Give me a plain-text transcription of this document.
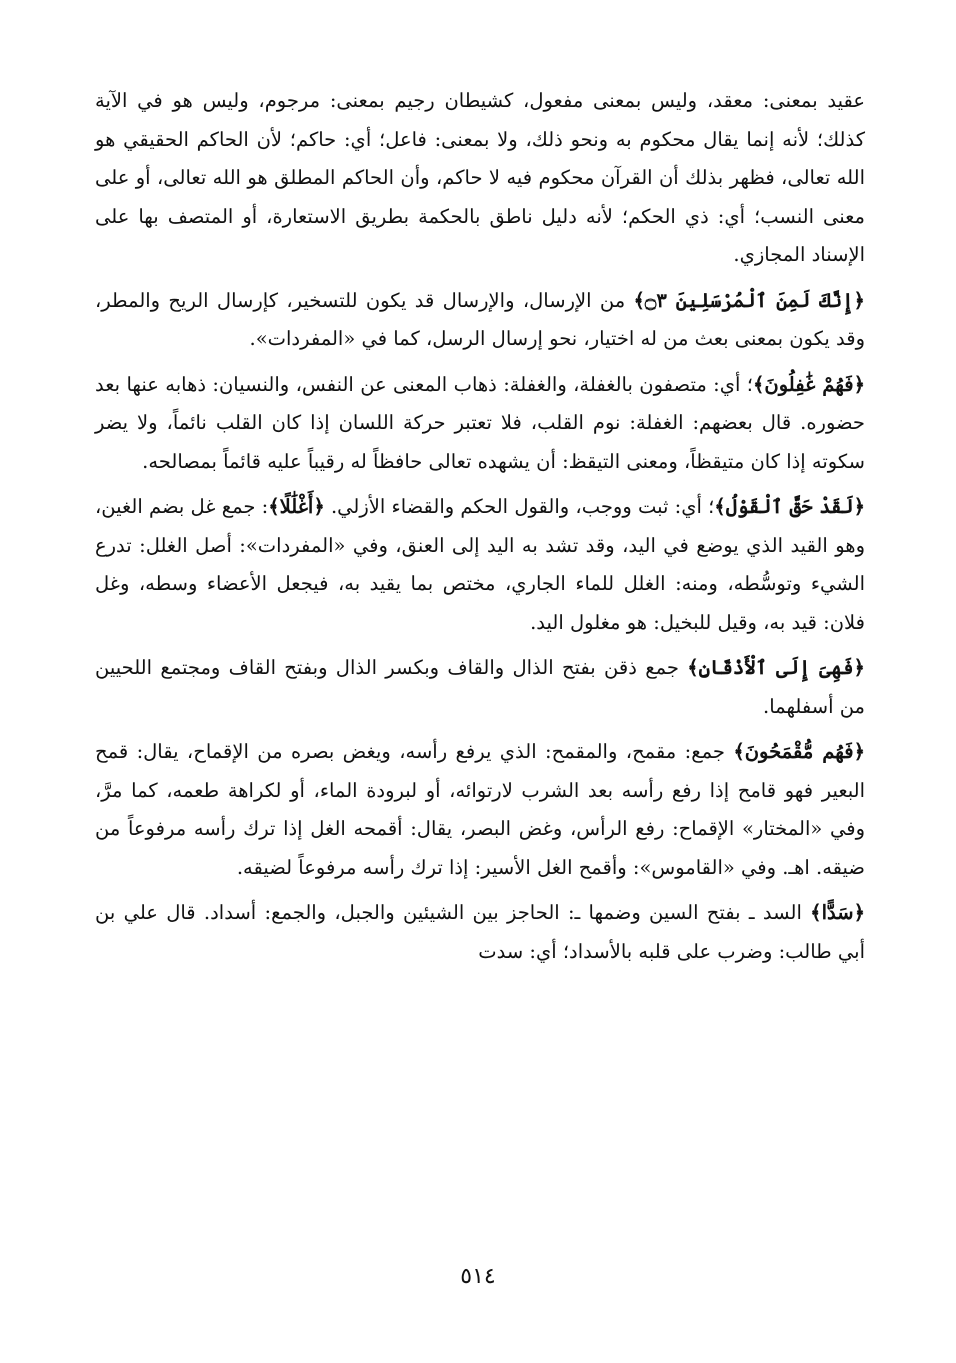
عقيد بمعنى: معقد، وليس بمعنى مفعول، كشيطان رجيم بمعنى: مرجوم، وليس هو في الآية كذلك؛ لأنه إنما يقال محكوم به ونحو ذلك، ولا بمعنى: فاعل؛ أي: حاكم؛ لأن الحاكم الحقيقي هو الله تعالى، فظهر بذلك أن القرآن محكوم فيه لا حاكم، وأن الحاكم المطلق هو الله تعالى، أو على معنى النسب؛ أي: ذي الحكم؛ لأنه دليل ناطق بالحكمة بطريق الاستعارة، أو المتصف بها على الإسناد المجازي.

﴿إِنَّكَ لَمِنَ ٱلْمُرْسَلِينَ ۝٣﴾ من الإرسال، والإرسال قد يكون للتسخير، كإرسال الريح والمطر، وقد يكون بمعنى بعث من له اختيار، نحو إرسال الرسل، كما في «المفردات».

﴿فَهُمْ غَٰفِلُونَ﴾؛ أي: متصفون بالغفلة، والغفلة: ذهاب المعنى عن النفس، والنسيان: ذهابه عنها بعد حضوره. قال بعضهم: الغفلة: نوم القلب، فلا تعتبر حركة اللسان إذا كان القلب نائماً، ولا يضر سكوته إذا كان متيقظاً، ومعنى التيقظ: أن يشهده تعالى حافظاً له رقيباً عليه قائماً بمصالحه.

﴿لَقَدْ حَقَّ ٱلْقَوْلُ﴾؛ أي: ثبت ووجب، والقول الحكم والقضاء الأزلي. ﴿أَغْلَٰلًا﴾: جمع غل بضم الغين، وهو القيد الذي يوضع في اليد، وقد تشد به اليد إلى العنق، وفي «المفردات»: أصل الغلل: تدرع الشيء وتوسُّطه، ومنه: الغلل للماء الجاري، مختص بما يقيد به، فيجعل الأعضاء وسطه، وغل فلان: قيد به، وقيل للبخيل: هو مغلول اليد.

﴿فَهِىَ إِلَى ٱلْأَذْقَانِ﴾ جمع ذقن بفتح الذال والقاف وبكسر الذال وبفتح القاف ومجتمع اللحيين من أسفلهما.

﴿فَهُم مُّقْمَحُونَ﴾ جمع: مقمح، والمقمح: الذي يرفع رأسه، ويغض بصره من الإقماح، يقال: قمح البعير فهو قامح إذا رفع رأسه بعد الشرب لارتوائه، أو لبرودة الماء، أو لكراهة طعمه، كما مرَّ، وفي «المختار» الإقماح: رفع الرأس، وغض البصر، يقال: أقمحه الغل إذا ترك رأسه مرفوعاً من ضيقه. اهـ. وفي «القاموس»: وأقمح الغل الأسير: إذا ترك رأسه مرفوعاً لضيقه.

﴿سَدًّا﴾ السد ـ بفتح السين وضمها ـ: الحاجز بين الشيئين والجبل، والجمع: أسداد. قال علي بن أبي طالب: وضرب على قلبه بالأسداد؛ أي: سدت

٥١٤
